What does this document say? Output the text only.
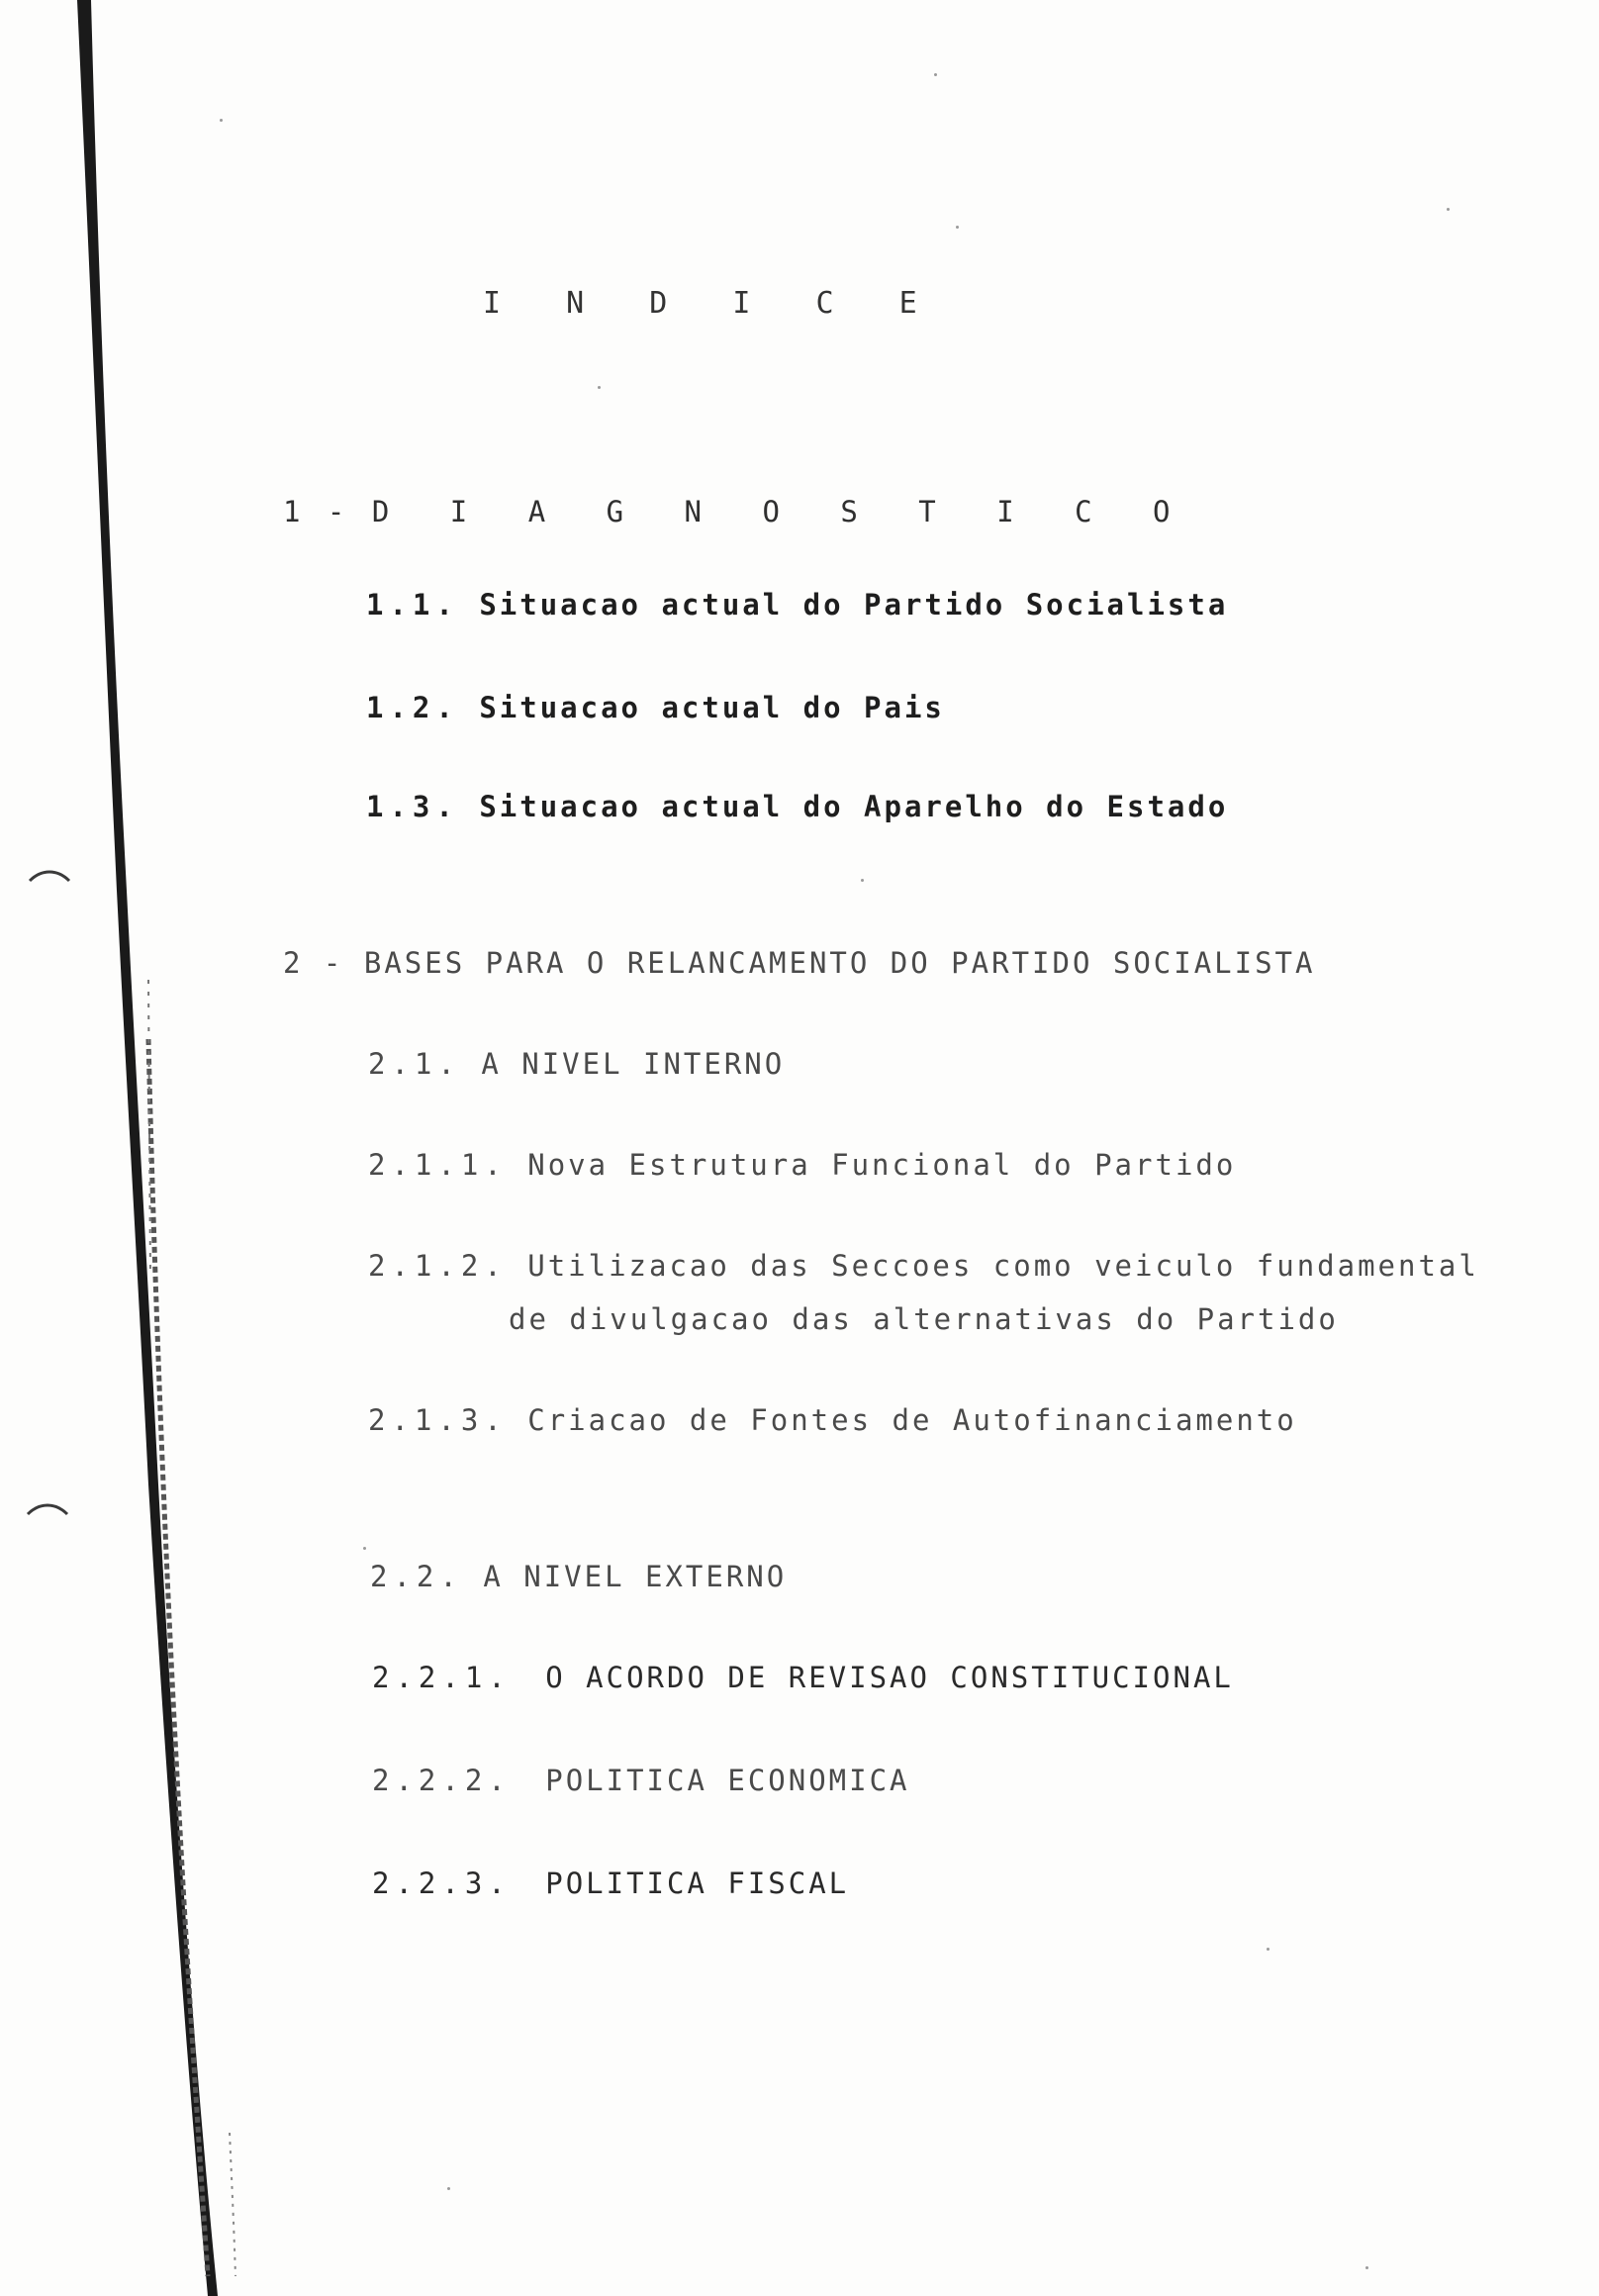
I N D I C E
1 - D I A G N O S T I C O
1.1. Situacao actual do Partido Socialista
1.2. Situacao actual do Pais
1.3. Situacao actual do Aparelho do Estado
2 - BASES PARA O RELANCAMENTO DO PARTIDO SOCIALISTA
2.1. A NIVEL INTERNO
2.1.1. Nova Estrutura Funcional do Partido
2.1.2. Utilizacao das Seccoes como veiculo fundamental
de divulgacao das alternativas do Partido
2.1.3. Criacao de Fontes de Autofinanciamento
2.2. A NIVEL EXTERNO
2.2.1. O ACORDO DE REVISAO CONSTITUCIONAL
2.2.2. POLITICA ECONOMICA
2.2.3. POLITICA FISCAL
